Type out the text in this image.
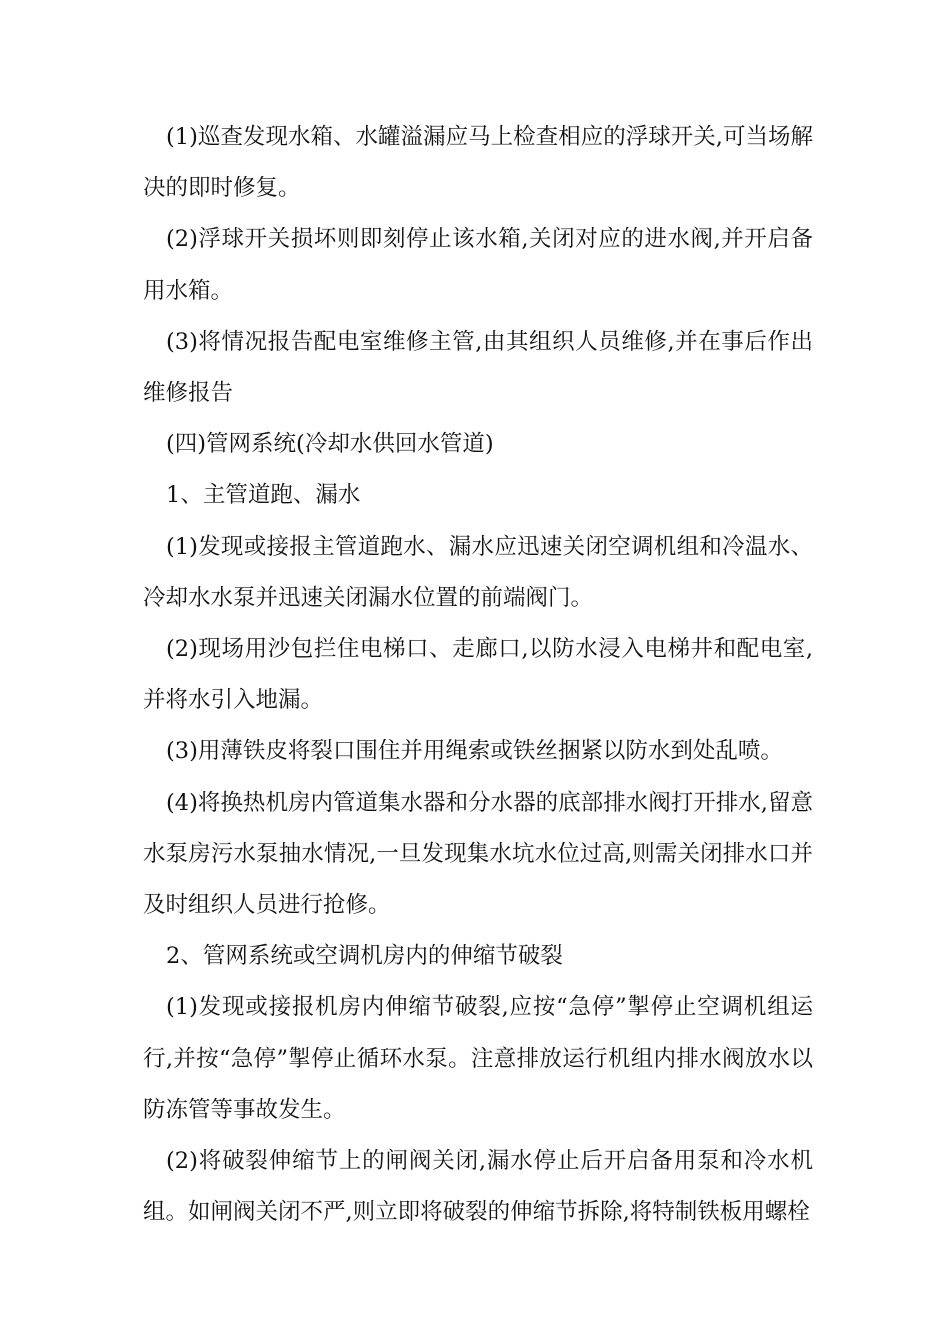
(1)巡查发现水箱、水罐溢漏应马上检查相应的浮球开关,可当场解决的即时修复。

(2)浮球开关损坏则即刻停止该水箱,关闭对应的进水阀,并开启备用水箱。

(3)将情况报告配电室维修主管,由其组织人员维修,并在事后作出维修报告

(四)管网系统(冷却水供回水管道)

1、主管道跑、漏水

(1)发现或接报主管道跑水、漏水应迅速关闭空调机组和冷温水、冷却水水泵并迅速关闭漏水位置的前端阀门。

(2)现场用沙包拦住电梯口、走廊口,以防水浸入电梯井和配电室,并将水引入地漏。

(3)用薄铁皮将裂口围住并用绳索或铁丝捆紧以防水到处乱喷。

(4)将换热机房内管道集水器和分水器的底部排水阀打开排水,留意水泵房污水泵抽水情况,一旦发现集水坑水位过高,则需关闭排水口并及时组织人员进行抢修。

2、管网系统或空调机房内的伸缩节破裂

(1)发现或接报机房内伸缩节破裂,应按“急停”掣停止空调机组运行,并按“急停”掣停止循环水泵。注意排放运行机组内排水阀放水以防冻管等事故发生。

(2)将破裂伸缩节上的闸阀关闭,漏水停止后开启备用泵和冷水机组。如闸阀关闭不严,则立即将破裂的伸缩节拆除,将特制铁板用螺栓
